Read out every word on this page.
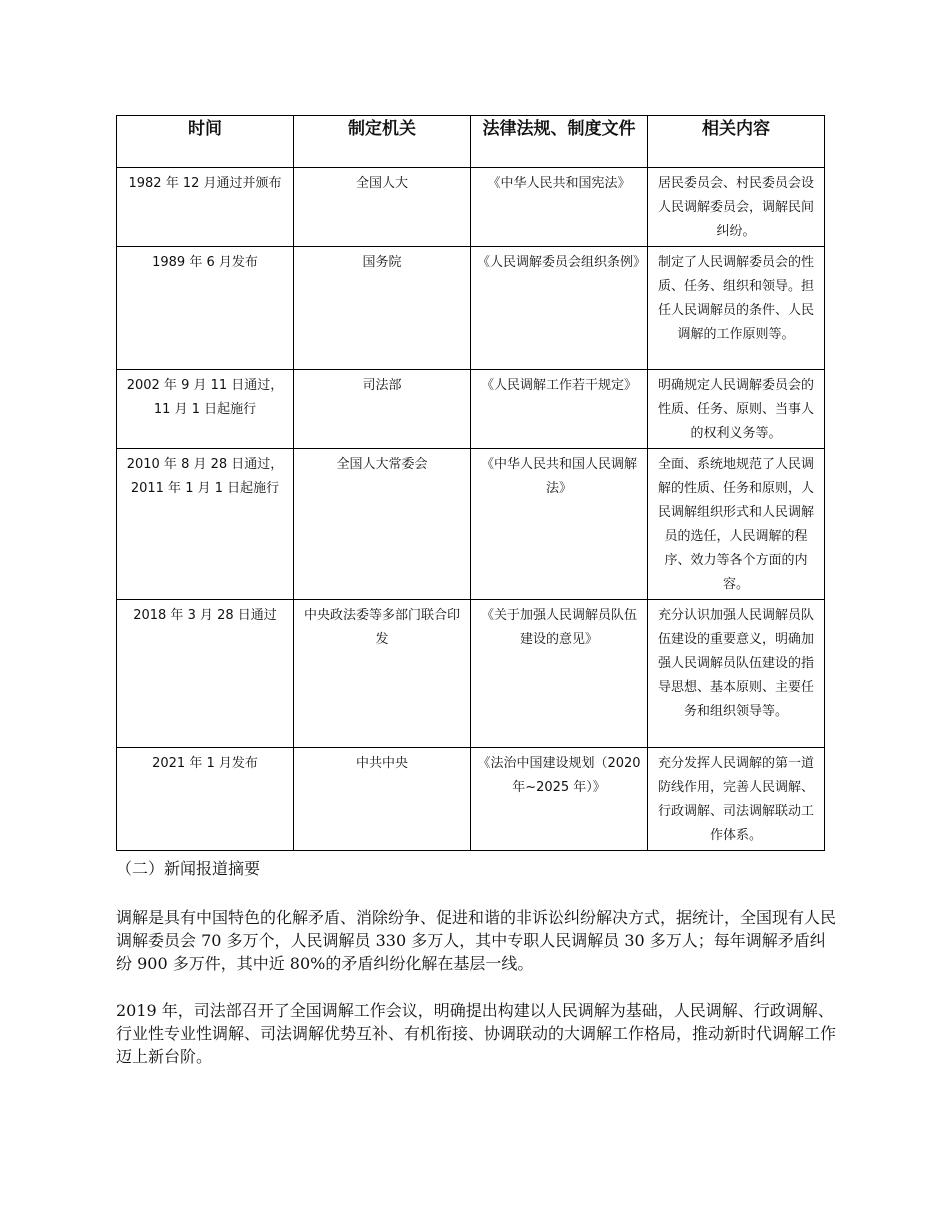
时间	制定机关	法律法规、制度文件	相关内容
1982 年 12 月通过并颁布	全国人大	《中华人民共和国宪法》	居民委员会、村民委员会设人民调解委员会，调解民间纠纷。
1989 年 6 月发布	国务院	《人民调解委员会组织条例》	制定了人民调解委员会的性质、任务、组织和领导。担任人民调解员的条件、人民调解的工作原则等。
2002 年 9 月 11 日通过，11 月 1 日起施行	司法部	《人民调解工作若干规定》	明确规定人民调解委员会的性质、任务、原则、当事人的权利义务等。
2010 年 8 月 28 日通过，2011 年 1 月 1 日起施行	全国人大常委会	《中华人民共和国人民调解法》	全面、系统地规范了人民调解的性质、任务和原则，人民调解组织形式和人民调解员的选任，人民调解的程序、效力等各个方面的内容。
2018 年 3 月 28 日通过	中央政法委等多部门联合印发	《关于加强人民调解员队伍建设的意见》	充分认识加强人民调解员队伍建设的重要意义，明确加强人民调解员队伍建设的指导思想、基本原则、主要任务和组织领导等。
2021 年 1 月发布	中共中央	《法治中国建设规划（2020 年~2025 年）》	充分发挥人民调解的第一道防线作用，完善人民调解、行政调解、司法调解联动工作体系。
（二）新闻报道摘要

调解是具有中国特色的化解矛盾、消除纷争、促进和谐的非诉讼纠纷解决方式，据统计，全国现有人民调解委员会 70 多万个，人民调解员 330 多万人，其中专职人民调解员 30 多万人；每年调解矛盾纠纷 900 多万件，其中近 80%的矛盾纠纷化解在基层一线。

2019 年，司法部召开了全国调解工作会议，明确提出构建以人民调解为基础，人民调解、行政调解、行业性专业性调解、司法调解优势互补、有机衔接、协调联动的大调解工作格局，推动新时代调解工作迈上新台阶。
